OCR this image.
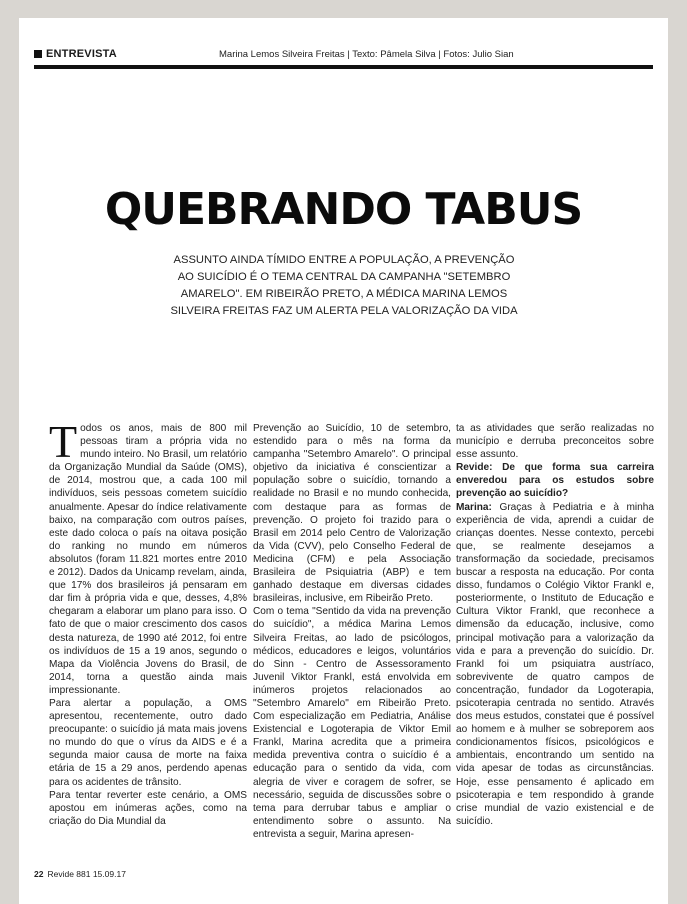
ENTREVISTA	Marina Lemos Silveira Freitas | Texto: Pâmela Silva | Fotos: Julio Sian
QUEBRANDO TABUS
ASSUNTO AINDA TÍMIDO ENTRE A POPULAÇÃO, A PREVENÇÃO AO SUICÍDIO É O TEMA CENTRAL DA CAMPANHA "SETEMBRO AMARELO". EM RIBEIRÃO PRETO, A MÉDICA MARINA LEMOS SILVEIRA FREITAS FAZ UM ALERTA PELA VALORIZAÇÃO DA VIDA

Todos os anos, mais de 800 mil pessoas tiram a própria vida no mundo inteiro. No Brasil, um relatório da Organização Mundial da Saúde (OMS), de 2014, mostrou que, a cada 100 mil indivíduos, seis pessoas cometem suicídio anualmente. Apesar do índice relativamente baixo, na comparação com outros países, este dado coloca o país na oitava posição do ranking no mundo em números absolutos (foram 11.821 mortes entre 2010 e 2012). Dados da Unicamp revelam, ainda, que 17% dos brasileiros já pensaram em dar fim à própria vida e que, desses, 4,8% chegaram a elaborar um plano para isso. O fato de que o maior crescimento dos casos desta natureza, de 1990 até 2012, foi entre os indivíduos de 15 a 19 anos, segundo o Mapa da Violência Jovens do Brasil, de 2014, torna a questão ainda mais impressionante.

Para alertar a população, a OMS apresentou, recentemente, outro dado preocupante: o suicídio já mata mais jovens no mundo do que o vírus da AIDS e é a segunda maior causa de morte na faixa etária de 15 a 29 anos, perdendo apenas para os acidentes de trânsito.

Para tentar reverter este cenário, a OMS apostou em inúmeras ações, como na criação do Dia Mundial da

Prevenção ao Suicídio, 10 de setembro, estendido para o mês na forma da campanha "Setembro Amarelo". O principal objetivo da iniciativa é conscientizar a população sobre o suicídio, tornando a realidade no Brasil e no mundo conhecida, com destaque para as formas de prevenção. O projeto foi trazido para o Brasil em 2014 pelo Centro de Valorização da Vida (CVV), pelo Conselho Federal de Medicina (CFM) e pela Associação Brasileira de Psiquiatria (ABP) e tem ganhado destaque em diversas cidades brasileiras, inclusive, em Ribeirão Preto.

Com o tema "Sentido da vida na prevenção do suicídio", a médica Marina Lemos Silveira Freitas, ao lado de psicólogos, médicos, educadores e leigos, voluntários do Sinn - Centro de Assessoramento Juvenil Viktor Frankl, está envolvida em inúmeros projetos relacionados ao "Setembro Amarelo" em Ribeirão Preto. Com especialização em Pediatria, Análise Existencial e Logoterapia de Viktor Emil Frankl, Marina acredita que a primeira medida preventiva contra o suicídio é a educação para o sentido da vida, com alegria de viver e coragem de sofrer, se necessário, seguida de discussões sobre o tema para derrubar tabus e ampliar o entendimento sobre o assunto. Na entrevista a seguir, Marina apresen-

ta as atividades que serão realizadas no município e derruba preconceitos sobre esse assunto.

Revide: De que forma sua carreira enveredou para os estudos sobre prevenção ao suicídio?

Marina: Graças à Pediatria e à minha experiência de vida, aprendi a cuidar de crianças doentes. Nesse contexto, percebi que, se realmente desejamos a transformação da sociedade, precisamos buscar a resposta na educação. Por conta disso, fundamos o Colégio Viktor Frankl e, posteriormente, o Instituto de Educação e Cultura Viktor Frankl, que reconhece a dimensão da educação, inclusive, como principal motivação para a valorização da vida e para a prevenção do suicídio. Dr. Frankl foi um psiquiatra austríaco, sobrevivente de quatro campos de concentração, fundador da Logoterapia, psicoterapia centrada no sentido. Através dos meus estudos, constatei que é possível ao homem e à mulher se sobreporem aos condicionamentos físicos, psicológicos e ambientais, encontrando um sentido na vida apesar de todas as circunstâncias. Hoje, esse pensamento é aplicado em psicoterapia e tem respondido à grande crise mundial de vazio existencial e de suicídio.

22 Revide 881 15.09.17
